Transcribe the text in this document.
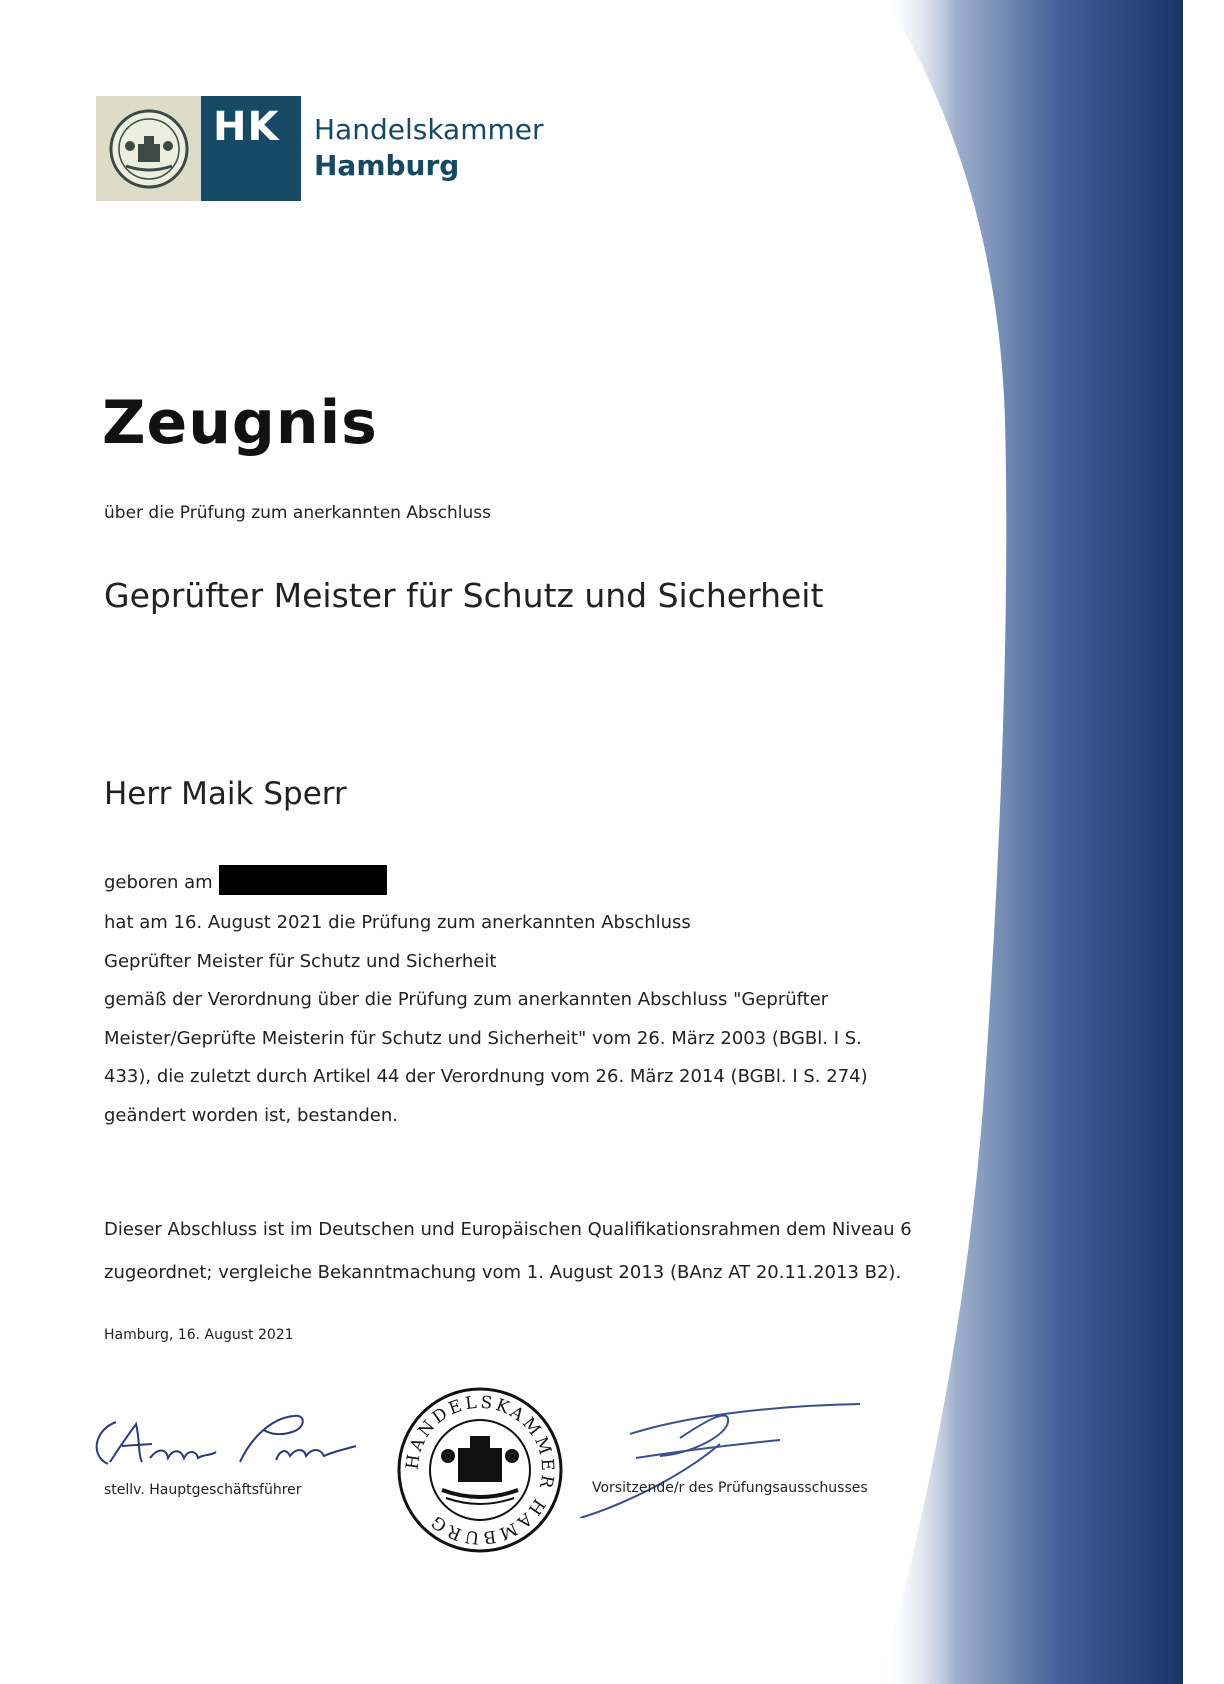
HK Handelskammer
Hamburg
Zeugnis
über die Prüfung zum anerkannten Abschluss
Geprüfter Meister für Schutz und Sicherheit
Herr Maik Sperr
geboren am
hat am 16. August 2021 die Prüfung zum anerkannten Abschluss
Geprüfter Meister für Schutz und Sicherheit
gemäß der Verordnung über die Prüfung zum anerkannten Abschluss "Geprüfter
Meister/Geprüfte Meisterin für Schutz und Sicherheit" vom 26. März 2003 (BGBl. I S.
433), die zuletzt durch Artikel 44 der Verordnung vom 26. März 2014 (BGBl. I S. 274)
geändert worden ist, bestanden.
Dieser Abschluss ist im Deutschen und Europäischen Qualifikationsrahmen dem Niveau 6
zugeordnet; vergleiche Bekanntmachung vom 1. August 2013 (BAnz AT 20.11.2013 B2).
Hamburg, 16. August 2021
stellv. Hauptgeschäftsführer
HANDELSKAMMER HAMBURG
Vorsitzende/r des Prüfungsausschusses
